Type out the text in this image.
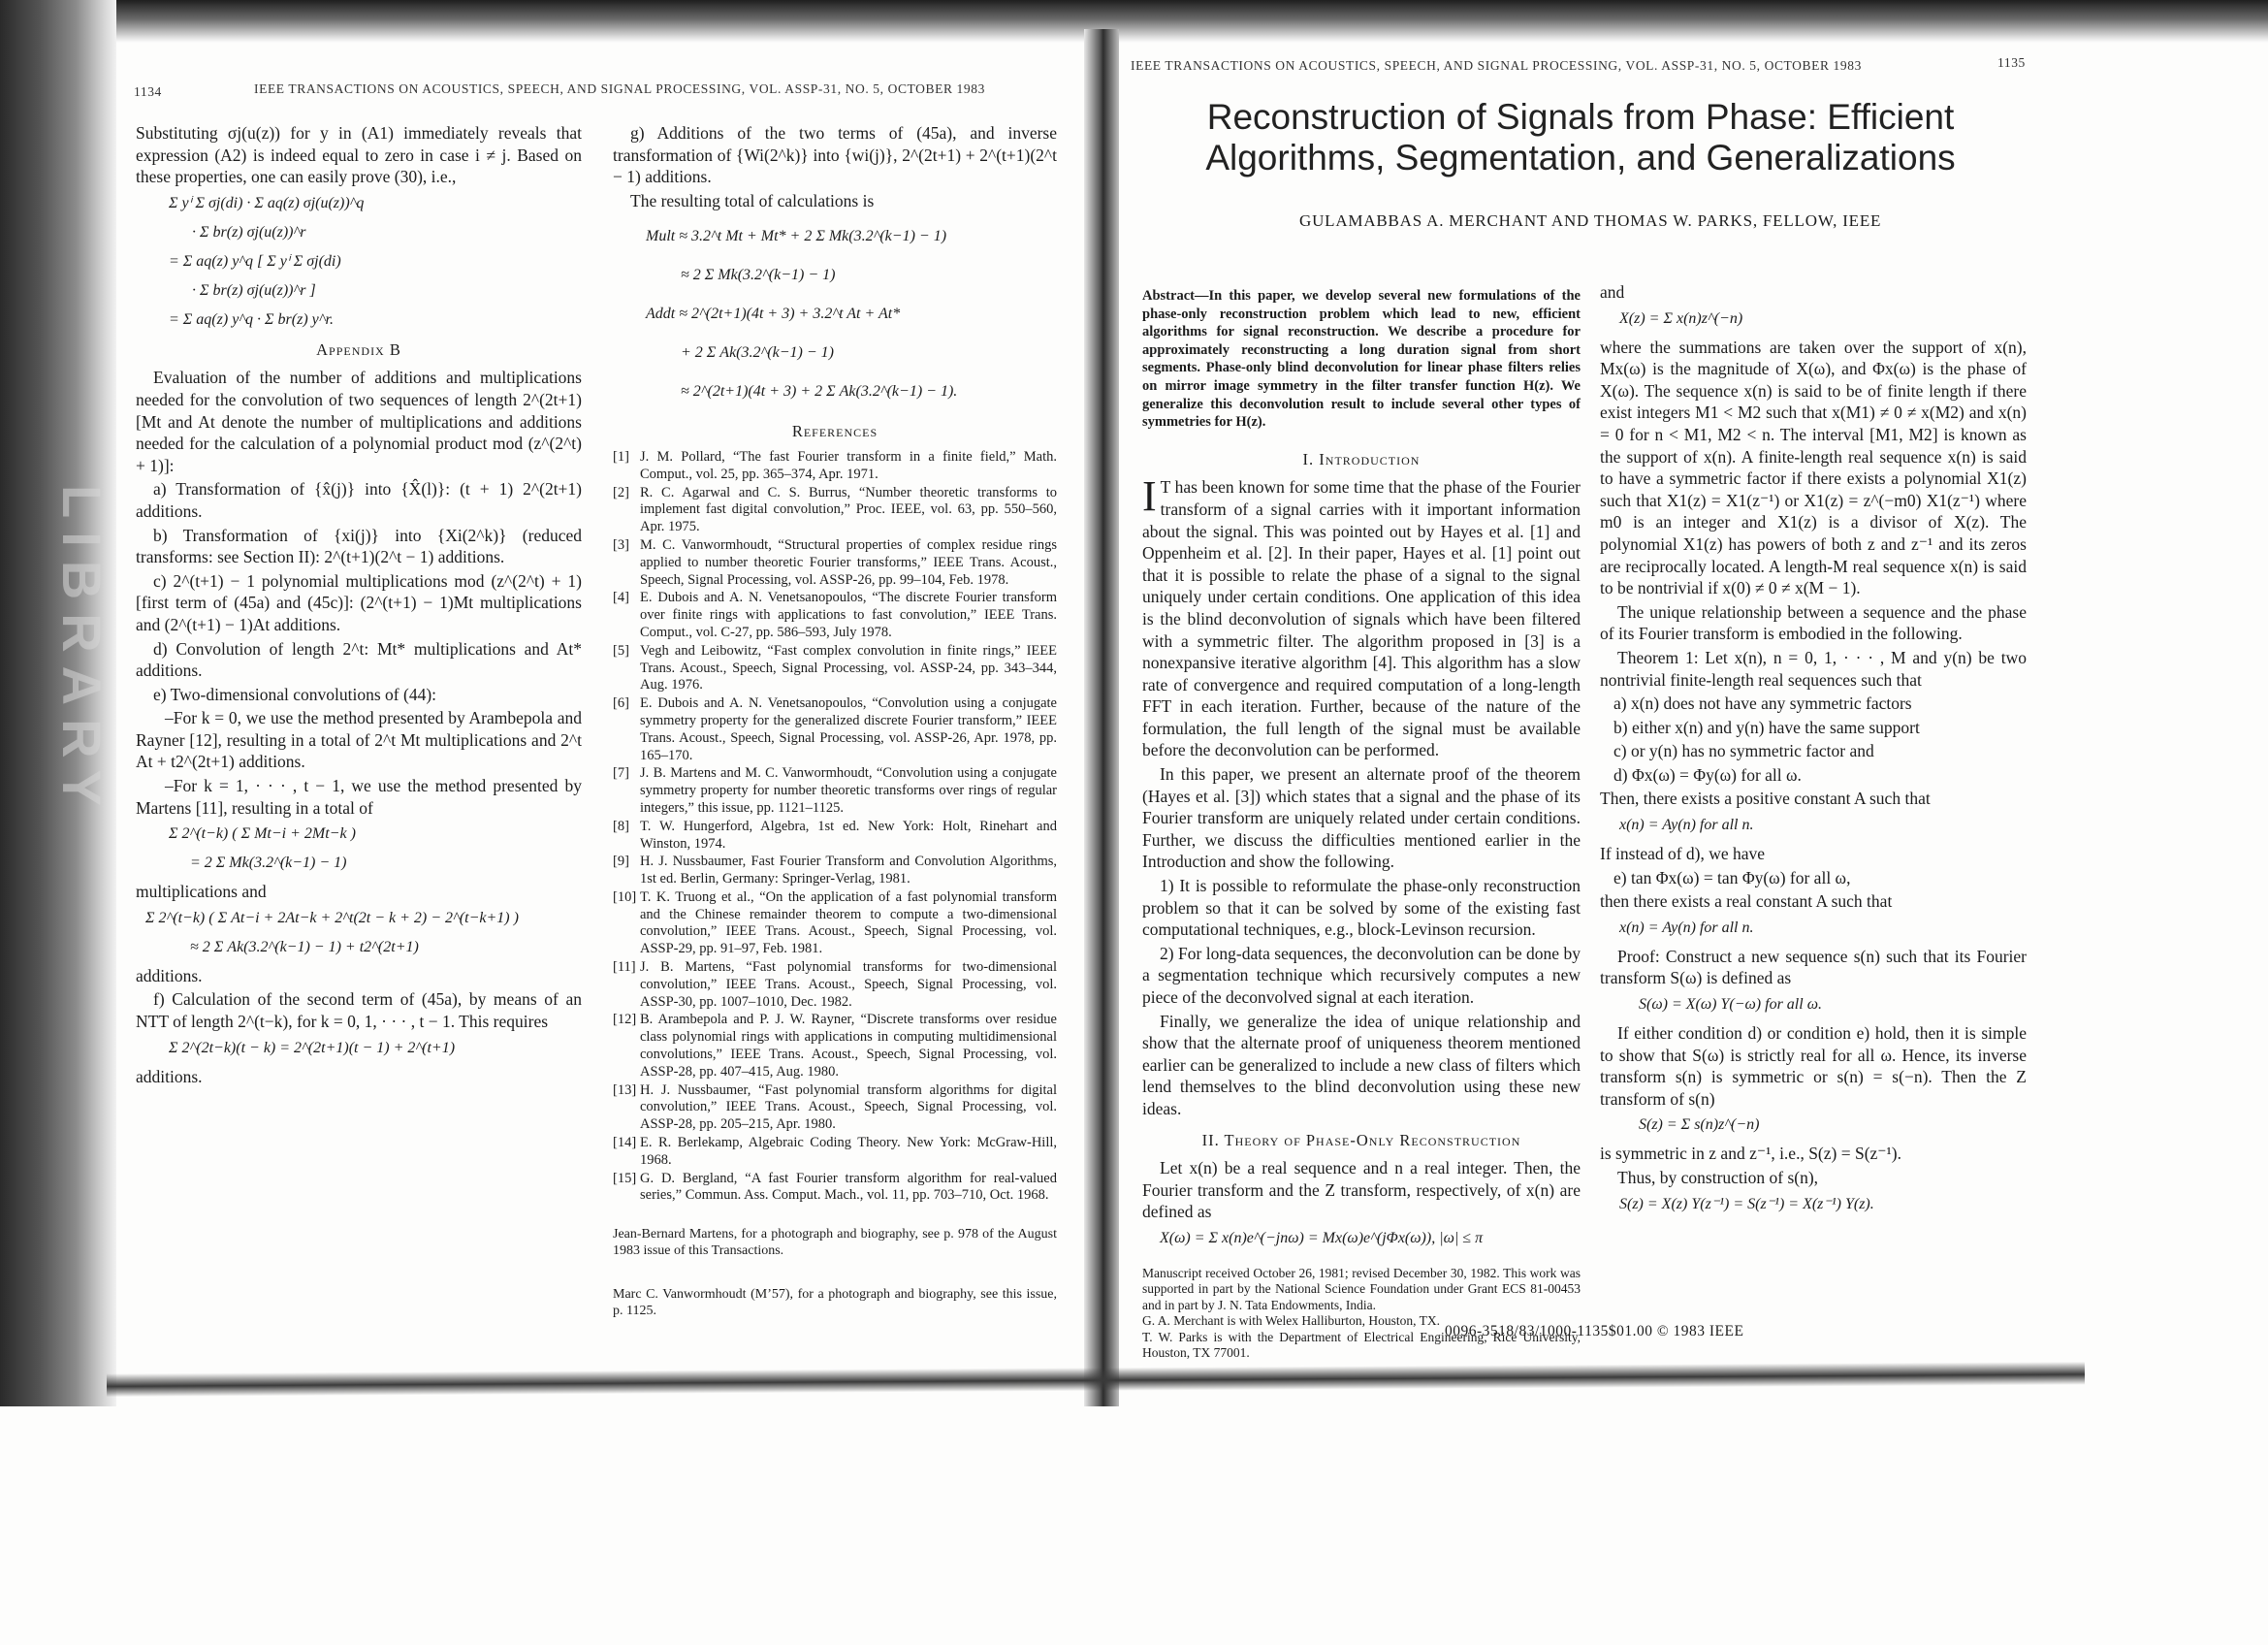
LIBRARY
1134	IEEE TRANSACTIONS ON ACOUSTICS, SPEECH, AND SIGNAL PROCESSING, VOL. ASSP-31, NO. 5, OCTOBER 1983

Substituting σj(u(z)) for y in (A1) immediately reveals that expression (A2) is indeed equal to zero in case i ≠ j. Based on these properties, one can easily prove (30), i.e.,

Σ yⁱ Σ σj(di) · Σ aq(z) σj(u(z))^q
· Σ br(z) σj(u(z))^r
= Σ aq(z) y^q [ Σ yⁱ Σ σj(di)
· Σ br(z) σj(u(z))^r ]
= Σ aq(z) y^q · Σ br(z) y^r.
Appendix B

Evaluation of the number of additions and multiplications needed for the convolution of two sequences of length 2^(2t+1) [Mt and At denote the number of multiplications and additions needed for the calculation of a polynomial product mod (z^(2^t) + 1)]:

a) Transformation of {x̂(j)} into {X̂(l)}: (t + 1) 2^(2t+1) additions.

b) Transformation of {xi(j)} into {Xi(2^k)} (reduced transforms: see Section II): 2^(t+1)(2^t − 1) additions.

c) 2^(t+1) − 1 polynomial multiplications mod (z^(2^t) + 1) [first term of (45a) and (45c)]: (2^(t+1) − 1)Mt multiplications and (2^(t+1) − 1)At additions.

d) Convolution of length 2^t: Mt* multiplications and At* additions.

e) Two-dimensional convolutions of (44):

–For k = 0, we use the method presented by Arambepola and Rayner [12], resulting in a total of 2^t Mt multiplications and 2^t At + t2^(2t+1) additions.

–For k = 1, · · · , t − 1, we use the method presented by Martens [11], resulting in a total of

Σ 2^(t−k) ( Σ Mt−i + 2Mt−k )
= 2 Σ Mk(3.2^(k−1) − 1)

multiplications and

Σ 2^(t−k) ( Σ At−i + 2At−k + 2^t(2t − k + 2) − 2^(t−k+1) )
≈ 2 Σ Ak(3.2^(k−1) − 1) + t2^(2t+1)

additions.

f) Calculation of the second term of (45a), by means of an NTT of length 2^(t−k), for k = 0, 1, · · · , t − 1. This requires

Σ 2^(2t−k)(t − k) = 2^(2t+1)(t − 1) + 2^(t+1)

additions.

g) Additions of the two terms of (45a), and inverse transformation of {Wi(2^k)} into {wi(j)}, 2^(2t+1) + 2^(t+1)(2^t − 1) additions.

The resulting total of calculations is

Mult ≈ 3.2^t Mt + Mt* + 2 Σ Mk(3.2^(k−1) − 1)
≈ 2 Σ Mk(3.2^(k−1) − 1)
Addt ≈ 2^(2t+1)(4t + 3) + 3.2^t At + At*
+ 2 Σ Ak(3.2^(k−1) − 1)
≈ 2^(2t+1)(4t + 3) + 2 Σ Ak(3.2^(k−1) − 1).
References
[1] J. M. Pollard, “The fast Fourier transform in a finite field,” Math. Comput., vol. 25, pp. 365–374, Apr. 1971.
[2] R. C. Agarwal and C. S. Burrus, “Number theoretic transforms to implement fast digital convolution,” Proc. IEEE, vol. 63, pp. 550–560, Apr. 1975.
[3] M. C. Vanwormhoudt, “Structural properties of complex residue rings applied to number theoretic Fourier transforms,” IEEE Trans. Acoust., Speech, Signal Processing, vol. ASSP-26, pp. 99–104, Feb. 1978.
[4] E. Dubois and A. N. Venetsanopoulos, “The discrete Fourier transform over finite rings with applications to fast convolution,” IEEE Trans. Comput., vol. C-27, pp. 586–593, July 1978.
[5] Vegh and Leibowitz, “Fast complex convolution in finite rings,” IEEE Trans. Acoust., Speech, Signal Processing, vol. ASSP-24, pp. 343–344, Aug. 1976.
[6] E. Dubois and A. N. Venetsanopoulos, “Convolution using a conjugate symmetry property for the generalized discrete Fourier transform,” IEEE Trans. Acoust., Speech, Signal Processing, vol. ASSP-26, Apr. 1978, pp. 165–170.
[7] J. B. Martens and M. C. Vanwormhoudt, “Convolution using a conjugate symmetry property for number theoretic transforms over rings of regular integers,” this issue, pp. 1121–1125.
[8] T. W. Hungerford, Algebra, 1st ed. New York: Holt, Rinehart and Winston, 1974.
[9] H. J. Nussbaumer, Fast Fourier Transform and Convolution Algorithms, 1st ed. Berlin, Germany: Springer-Verlag, 1981.
[10] T. K. Truong et al., “On the application of a fast polynomial transform and the Chinese remainder theorem to compute a two-dimensional convolution,” IEEE Trans. Acoust., Speech, Signal Processing, vol. ASSP-29, pp. 91–97, Feb. 1981.
[11] J. B. Martens, “Fast polynomial transforms for two-dimensional convolution,” IEEE Trans. Acoust., Speech, Signal Processing, vol. ASSP-30, pp. 1007–1010, Dec. 1982.
[12] B. Arambepola and P. J. W. Rayner, “Discrete transforms over residue class polynomial rings with applications in computing multidimensional convolutions,” IEEE Trans. Acoust., Speech, Signal Processing, vol. ASSP-28, pp. 407–415, Aug. 1980.
[13] H. J. Nussbaumer, “Fast polynomial transform algorithms for digital convolution,” IEEE Trans. Acoust., Speech, Signal Processing, vol. ASSP-28, pp. 205–215, Apr. 1980.
[14] E. R. Berlekamp, Algebraic Coding Theory. New York: McGraw-Hill, 1968.
[15] G. D. Bergland, “A fast Fourier transform algorithm for real-valued series,” Commun. Ass. Comput. Mach., vol. 11, pp. 703–710, Oct. 1968.
Jean-Bernard Martens, for a photograph and biography, see p. 978 of the August 1983 issue of this Transactions.
Marc C. Vanwormhoudt (M’57), for a photograph and biography, see this issue, p. 1125.
IEEE TRANSACTIONS ON ACOUSTICS, SPEECH, AND SIGNAL PROCESSING, VOL. ASSP-31, NO. 5, OCTOBER 1983	1135
Reconstruction of Signals from Phase: Efficient
Algorithms, Segmentation, and Generalizations
GULAMABBAS A. MERCHANT AND THOMAS W. PARKS, FELLOW, IEEE
Abstract—In this paper, we develop several new formulations of the phase-only reconstruction problem which lead to new, efficient algorithms for signal reconstruction. We describe a procedure for approximately reconstructing a long duration signal from short segments. Phase-only blind deconvolution for linear phase filters relies on mirror image symmetry in the filter transfer function H(z). We generalize this deconvolution result to include several other types of symmetries for H(z).
I. Introduction

I T has been known for some time that the phase of the Fourier transform of a signal carries with it important information about the signal. This was pointed out by Hayes et al. [1] and Oppenheim et al. [2]. In their paper, Hayes et al. [1] point out that it is possible to relate the phase of a signal to the signal uniquely under certain conditions. One application of this idea is the blind deconvolution of signals which have been filtered with a symmetric filter. The algorithm proposed in [3] is a nonexpansive iterative algorithm [4]. This algorithm has a slow rate of convergence and required computation of a long-length FFT in each iteration. Further, because of the nature of the formulation, the full length of the signal must be available before the deconvolution can be performed.

In this paper, we present an alternate proof of the theorem (Hayes et al. [3]) which states that a signal and the phase of its Fourier transform are uniquely related under certain conditions. Further, we discuss the difficulties mentioned earlier in the Introduction and show the following.

1) It is possible to reformulate the phase-only reconstruction problem so that it can be solved by some of the existing fast computational techniques, e.g., block-Levinson recursion.

2) For long-data sequences, the deconvolution can be done by a segmentation technique which recursively computes a new piece of the deconvolved signal at each iteration.

Finally, we generalize the idea of unique relationship and show that the alternate proof of uniqueness theorem mentioned earlier can be generalized to include a new class of filters which lend themselves to the blind deconvolution using these new ideas.

II. Theory of Phase-Only Reconstruction

Let x(n) be a real sequence and n a real integer. Then, the Fourier transform and the Z transform, respectively, of x(n) are defined as

X(ω) = Σ x(n)e^(−jnω) = Mx(ω)e^(jΦx(ω)), |ω| ≤ π
Manuscript received October 26, 1981; revised December 30, 1982. This work was supported in part by the National Science Foundation under Grant ECS 81-00453 and in part by J. N. Tata Endowments, India.
G. A. Merchant is with Welex Halliburton, Houston, TX.
T. W. Parks is with the Department of Electrical Engineering, Rice University, Houston, TX 77001.

and

X(z) = Σ x(n)z^(−n)

where the summations are taken over the support of x(n), Mx(ω) is the magnitude of X(ω), and Φx(ω) is the phase of X(ω). The sequence x(n) is said to be of finite length if there exist integers M1 < M2 such that x(M1) ≠ 0 ≠ x(M2) and x(n) = 0 for n < M1, M2 < n. The interval [M1, M2] is known as the support of x(n). A finite-length real sequence x(n) is said to have a symmetric factor if there exists a polynomial X1(z) such that X1(z) = X1(z⁻¹) or X1(z) = z^(−m0) X1(z⁻¹) where m0 is an integer and X1(z) is a divisor of X(z). The polynomial X1(z) has powers of both z and z⁻¹ and its zeros are reciprocally located. A length-M real sequence x(n) is said to be nontrivial if x(0) ≠ 0 ≠ x(M − 1).

The unique relationship between a sequence and the phase of its Fourier transform is embodied in the following.

Theorem 1: Let x(n), n = 0, 1, · · · , M and y(n) be two nontrivial finite-length real sequences such that

a) x(n) does not have any symmetric factors
b) either x(n) and y(n) have the same support
c) or y(n) has no symmetric factor and
d) Φx(ω) = Φy(ω) for all ω.

Then, there exists a positive constant A such that

x(n) = Ay(n) for all n.

If instead of d), we have

e) tan Φx(ω) = tan Φy(ω) for all ω,

then there exists a real constant A such that

x(n) = Ay(n) for all n.

Proof: Construct a new sequence s(n) such that its Fourier transform S(ω) is defined as

S(ω) = X(ω) Y(−ω) for all ω.

If either condition d) or condition e) hold, then it is simple to show that S(ω) is strictly real for all ω. Hence, its inverse transform s(n) is symmetric or s(n) = s(−n). Then the Z transform of s(n)

S(z) = Σ s(n)z^(−n)

is symmetric in z and z⁻¹, i.e., S(z) = S(z⁻¹).

Thus, by construction of s(n),

S(z) = X(z) Y(z⁻¹) = S(z⁻¹) = X(z⁻¹) Y(z).
0096-3518/83/1000-1135$01.00 © 1983 IEEE
